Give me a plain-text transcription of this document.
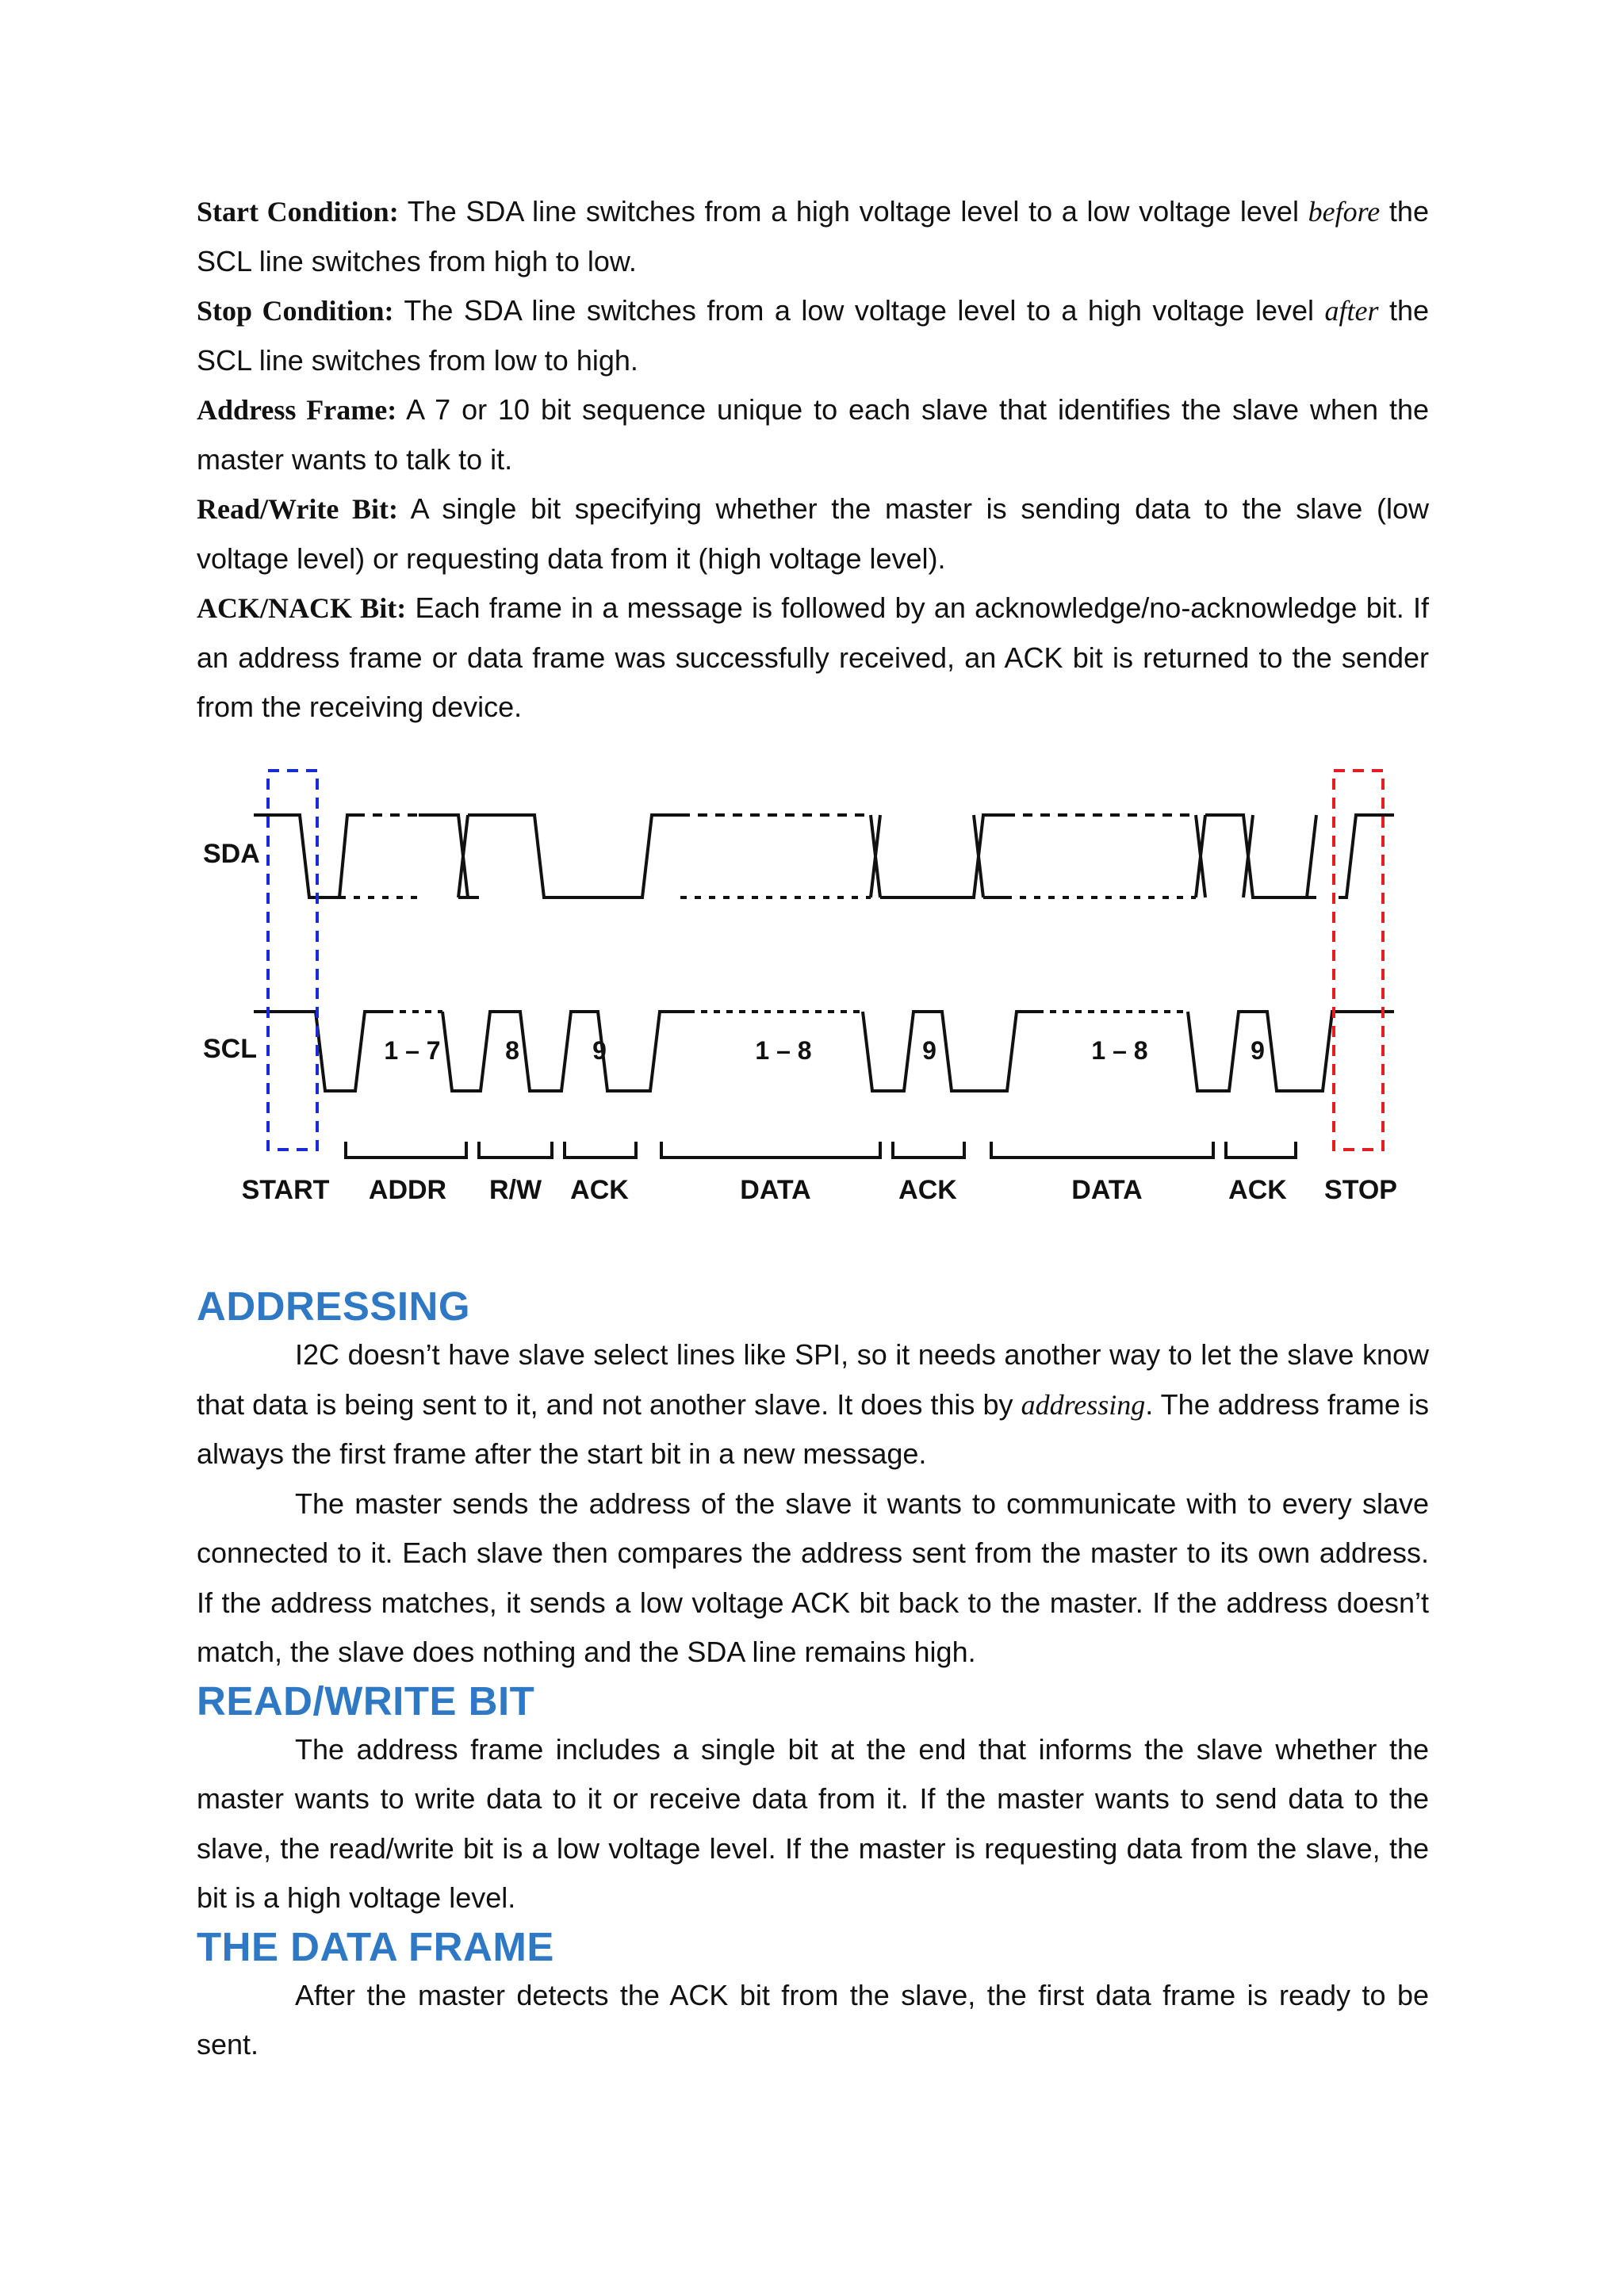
Start Condition: The SDA line switches from a high voltage level to a low voltage level before the SCL line switches from high to low.

Stop Condition: The SDA line switches from a low voltage level to a high voltage level after the SCL line switches from low to high.

Address Frame: A 7 or 10 bit sequence unique to each slave that identifies the slave when the master wants to talk to it.

Read/Write Bit: A single bit specifying whether the master is sending data to the slave (low voltage level) or requesting data from it (high voltage level).

ACK/NACK Bit: Each frame in a message is followed by an acknowledge/no-acknowledge bit. If an address frame or data frame was successfully received, an ACK bit is returned to the sender from the receiving device.

SDA
SCL	1 – 7	8	9	1 – 8	9	1 – 8	9
START ADDR R/W ACK	DATA	ACK	DATA	ACK STOP
ADDRESSING

I2C doesn’t have slave select lines like SPI, so it needs another way to let the slave know that data is being sent to it, and not another slave. It does this by addressing. The address frame is always the first frame after the start bit in a new message.

The master sends the address of the slave it wants to communicate with to every slave connected to it. Each slave then compares the address sent from the master to its own address. If the address matches, it sends a low voltage ACK bit back to the master. If the address doesn’t match, the slave does nothing and the SDA line remains high.

READ/WRITE BIT

The address frame includes a single bit at the end that informs the slave whether the master wants to write data to it or receive data from it. If the master wants to send data to the slave, the read/write bit is a low voltage level. If the master is requesting data from the slave, the bit is a high voltage level.

THE DATA FRAME

After the master detects the ACK bit from the slave, the first data frame is ready to be sent.
